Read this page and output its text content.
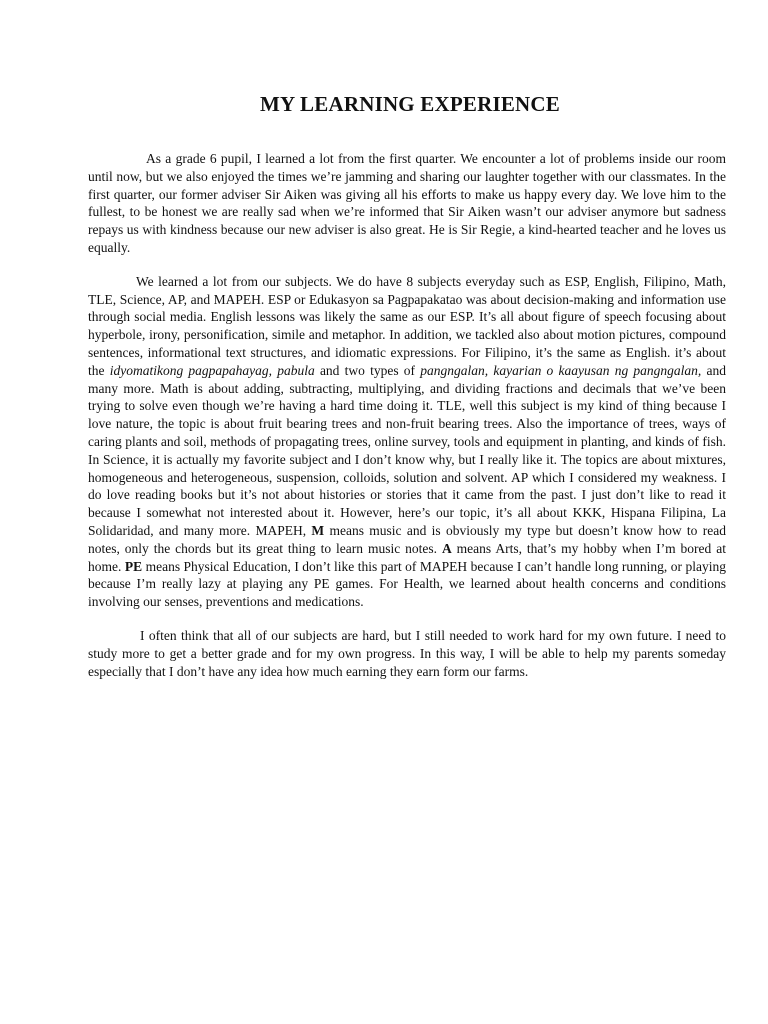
MY LEARNING EXPERIENCE

As a grade 6 pupil, I learned a lot from the first quarter. We encounter a lot of problems inside our room until now, but we also enjoyed the times we’re jamming and sharing our laughter together with our classmates. In the first quarter, our former adviser Sir Aiken was giving all his efforts to make us happy every day. We love him to the fullest, to be honest we are really sad when we’re informed that Sir Aiken wasn’t our adviser anymore but sadness repays us with kindness because our new adviser is also great. He is Sir Regie, a kind-hearted teacher and he loves us equally.

We learned a lot from our subjects. We do have 8 subjects everyday such as ESP, English, Filipino, Math, TLE, Science, AP, and MAPEH. ESP or Edukasyon sa Pagpapakatao was about decision-making and information use through social media. English lessons was likely the same as our ESP. It’s all about figure of speech focusing about hyperbole, irony, personification, simile and metaphor. In addition, we tackled also about motion pictures, compound sentences, informational text structures, and idiomatic expressions. For Filipino, it’s the same as English. it’s about the idyomatikong pagpapahayag, pabula and two types of pangngalan, kayarian o kaayusan ng pangngalan, and many more. Math is about adding, subtracting, multiplying, and dividing fractions and decimals that we’ve been trying to solve even though we’re having a hard time doing it. TLE, well this subject is my kind of thing because I love nature, the topic is about fruit bearing trees and non-fruit bearing trees. Also the importance of trees, ways of caring plants and soil, methods of propagating trees, online survey, tools and equipment in planting, and kinds of fish. In Science, it is actually my favorite subject and I don’t know why, but I really like it. The topics are about mixtures, homogeneous and heterogeneous, suspension, colloids, solution and solvent. AP which I considered my weakness. I do love reading books but it’s not about histories or stories that it came from the past. I just don’t like to read it because I somewhat not interested about it. However, here’s our topic, it’s all about KKK, Hispana Filipina, La Solidaridad, and many more. MAPEH, M means music and is obviously my type but doesn’t know how to read notes, only the chords but its great thing to learn music notes. A means Arts, that’s my hobby when I’m bored at home. PE means Physical Education, I don’t like this part of MAPEH because I can’t handle long running, or playing because I’m really lazy at playing any PE games. For Health, we learned about health concerns and conditions involving our senses, preventions and medications.

I often think that all of our subjects are hard, but I still needed to work hard for my own future. I need to study more to get a better grade and for my own progress. In this way, I will be able to help my parents someday especially that I don’t have any idea how much earning they earn form our farms.
